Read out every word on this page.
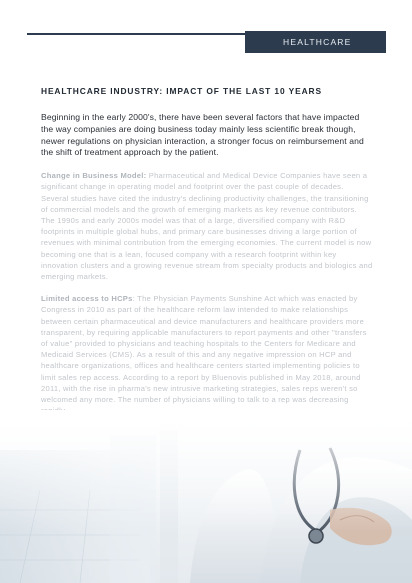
HEALTHCARE
HEALTHCARE INDUSTRY: IMPACT OF THE LAST 10 YEARS

Beginning in the early 2000's, there have been several factors that have impacted the way companies are doing business today mainly less scientific break though, newer regulations on physician interaction, a stronger focus on reimbursement and the shift of treatment approach by the patient.

Change in Business Model: Pharmaceutical and Medical Device Companies have seen a significant change in operating model and footprint over the past couple of decades. Several studies have cited the industry's declining productivity challenges, the transitioning of commercial models and the growth of emerging markets as key revenue contributors. The 1990s and early 2000s model was that of a large, diversified company with R&D footprints in multiple global hubs, and primary care businesses driving a large portion of revenues with minimal contribution from the emerging economies. The current model is now becoming one that is a lean, focused company with a research footprint within key innovation clusters and a growing revenue stream from specialty products and biologics and emerging markets.

Limited access to HCPs: The Physician Payments Sunshine Act which was enacted by Congress in 2010 as part of the healthcare reform law intended to make relationships between certain pharmaceutical and device manufacturers and healthcare providers more transparent, by requiring applicable manufacturers to report payments and other "transfers of value" provided to physicians and teaching hospitals to the Centers for Medicare and Medicaid Services (CMS). As a result of this and any negative impression on HCP and healthcare organizations, offices and healthcare centers started implementing policies to limit sales rep access. According to a report by Bluenovis published in May 2018, around 2011, with the rise in pharma's new intrusive marketing strategies, sales reps weren't so welcomed any more. The number of physicians willing to talk to a rep was decreasing
